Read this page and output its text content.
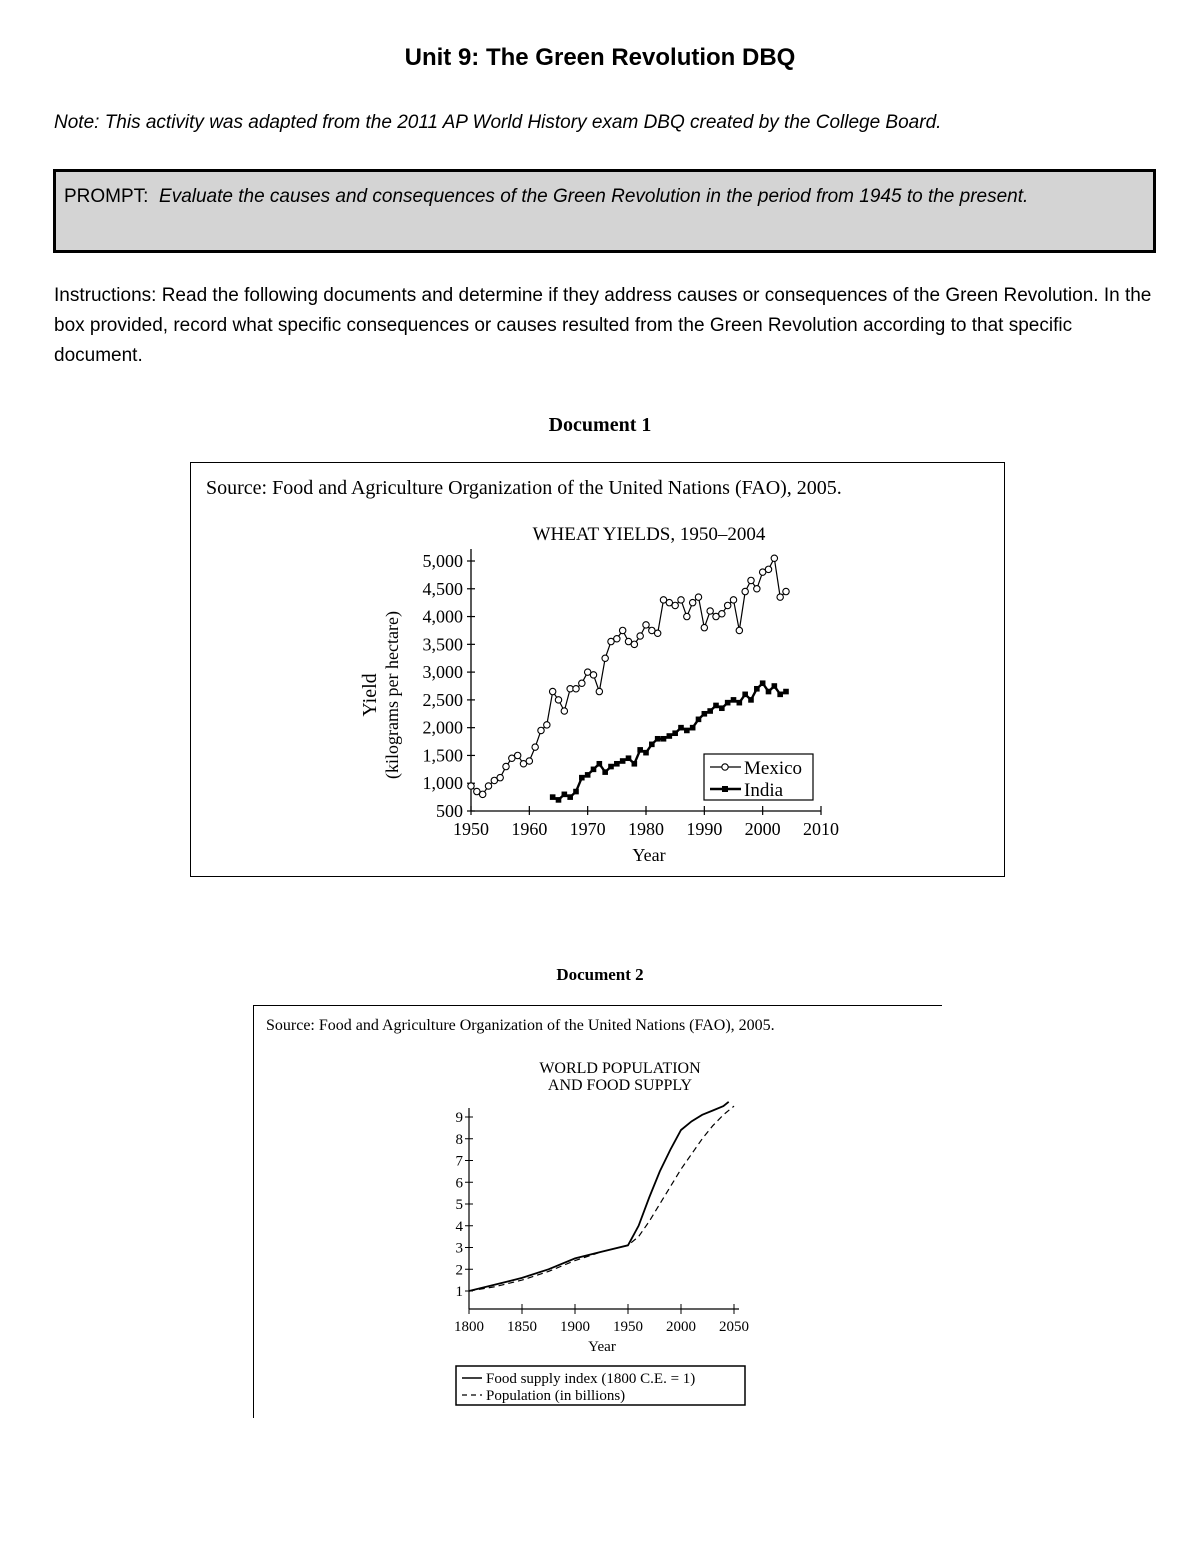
Unit 9: The Green Revolution DBQ
Note: This activity was adapted from the 2011 AP World History exam DBQ created by the College Board.
PROMPT: Evaluate the causes and consequences of the Green Revolution in the period from 1945 to the present.
Instructions: Read the following documents and determine if they address causes or consequences of the Green Revolution. In the box provided, record what specific consequences or causes resulted from the Green Revolution according to that specific document.
Document 1
Source: Food and Agriculture Organization of the United Nations (FAO), 2005.
WHEAT YIELDS, 1950–2004
5,000
4,500
4,000
3,500
3,000
2,500
2,000
1,500
1,000
500
1950 1960 1970 1980 1990 2000 2010
Year
Yield (kilograms per hectare)	Mexico
India
Document 2
Source: Food and Agriculture Organization of the United Nations (FAO), 2005.
WORLD POPULATION
AND FOOD SUPPLY
9
8
7
6
5
4
3
2
1
1800 1850 1900 1950 2000 2050
Year
Food supply index (1800 C.E. = 1)
Population (in billions)
